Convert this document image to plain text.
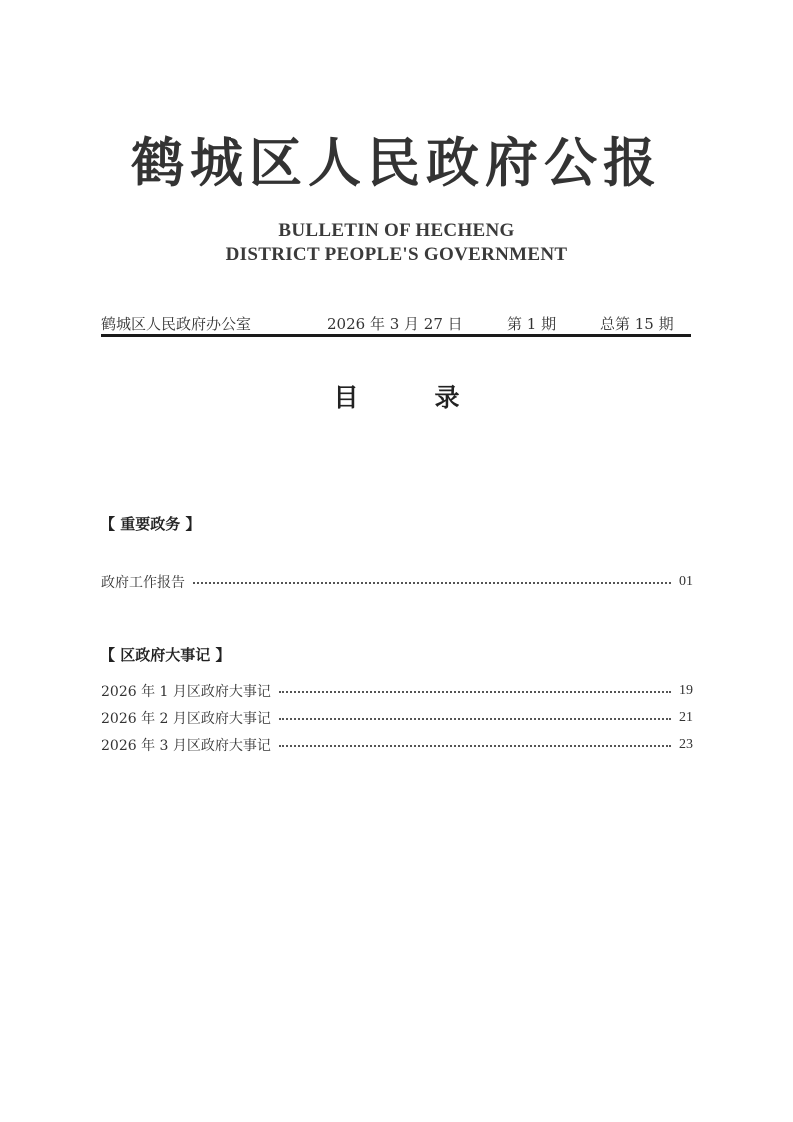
鹤城区人民政府公报
BULLETIN OF HECHENG
DISTRICT PEOPLE'S GOVERNMENT
鹤城区人民政府办公室	2026 年 3 月 27 日	第 1 期	总第 15 期
目	录
【 重要政务 】
政府工作报告	01
【 区政府大事记 】
2026 年 1 月区政府大事记	19
2026 年 2 月区政府大事记	21
2026 年 3 月区政府大事记	23
